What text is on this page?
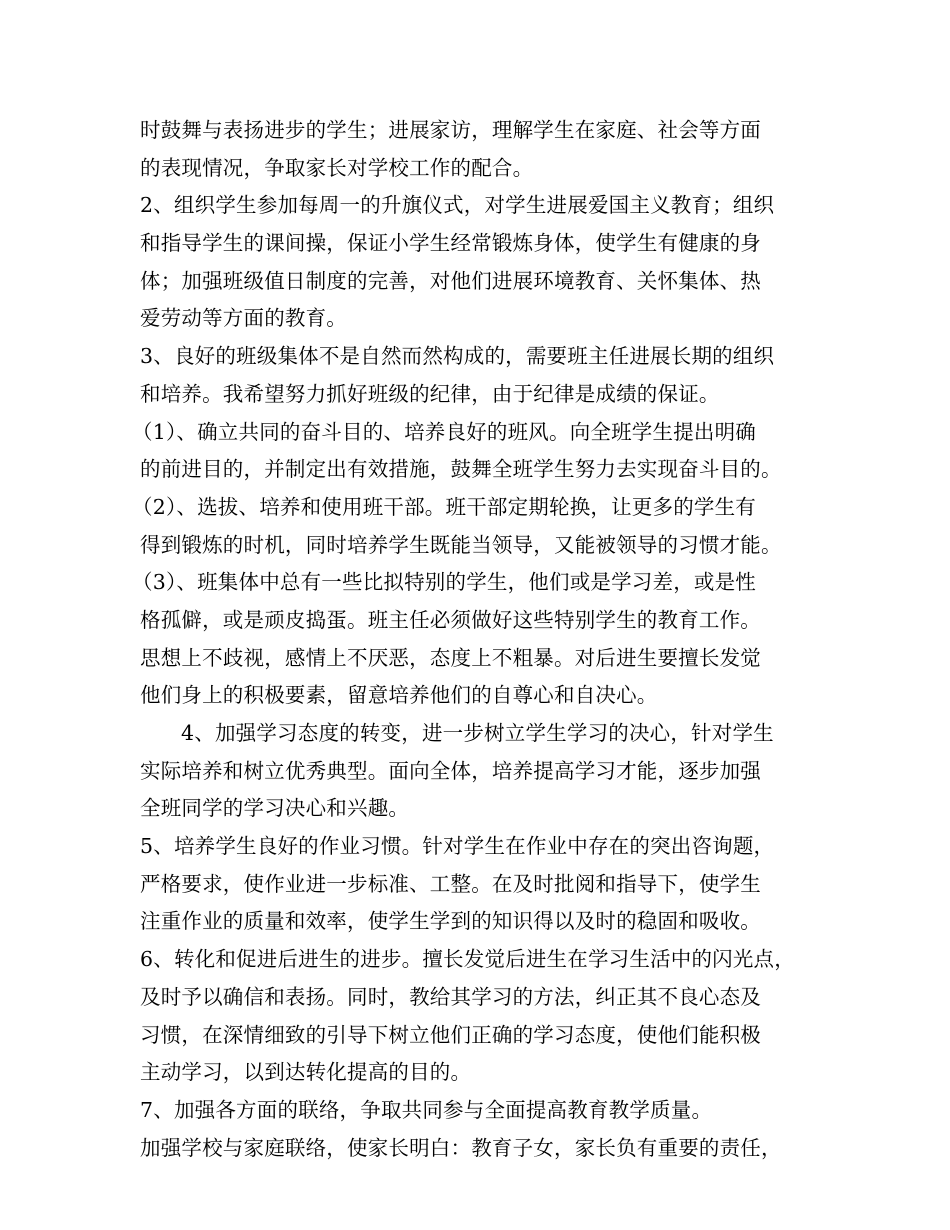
时鼓舞与表扬进步的学生；进展家访，理解学生在家庭、社会等方面
的表现情况，争取家长对学校工作的配合。
2、组织学生参加每周一的升旗仪式，对学生进展爱国主义教育；组织
和指导学生的课间操，保证小学生经常锻炼身体，使学生有健康的身
体；加强班级值日制度的完善，对他们进展环境教育、关怀集体、热
爱劳动等方面的教育。
3、良好的班级集体不是自然而然构成的，需要班主任进展长期的组织
和培养。我希望努力抓好班级的纪律，由于纪律是成绩的保证。
（1）、确立共同的奋斗目的、培养良好的班风。向全班学生提出明确
的前进目的，并制定出有效措施，鼓舞全班学生努力去实现奋斗目的。
（2）、选拔、培养和使用班干部。班干部定期轮换，让更多的学生有
得到锻炼的时机，同时培养学生既能当领导，又能被领导的习惯才能。
（3）、班集体中总有一些比拟特别的学生，他们或是学习差，或是性
格孤僻，或是顽皮捣蛋。班主任必须做好这些特别学生的教育工作。
思想上不歧视，感情上不厌恶，态度上不粗暴。对后进生要擅长发觉
他们身上的积极要素，留意培养他们的自尊心和自决心。
4、加强学习态度的转变，进一步树立学生学习的决心，针对学生
实际培养和树立优秀典型。面向全体，培养提高学习才能，逐步加强
全班同学的学习决心和兴趣。
5、培养学生良好的作业习惯。针对学生在作业中存在的突出咨询题，
严格要求，使作业进一步标准、工整。在及时批阅和指导下，使学生
注重作业的质量和效率，使学生学到的知识得以及时的稳固和吸收。
6、转化和促进后进生的进步。擅长发觉后进生在学习生活中的闪光点，
及时予以确信和表扬。同时，教给其学习的方法，纠正其不良心态及
习惯，在深情细致的引导下树立他们正确的学习态度，使他们能积极
主动学习，以到达转化提高的目的。
7、加强各方面的联络，争取共同参与全面提高教育教学质量。
加强学校与家庭联络，使家长明白：教育子女，家长负有重要的责任，
